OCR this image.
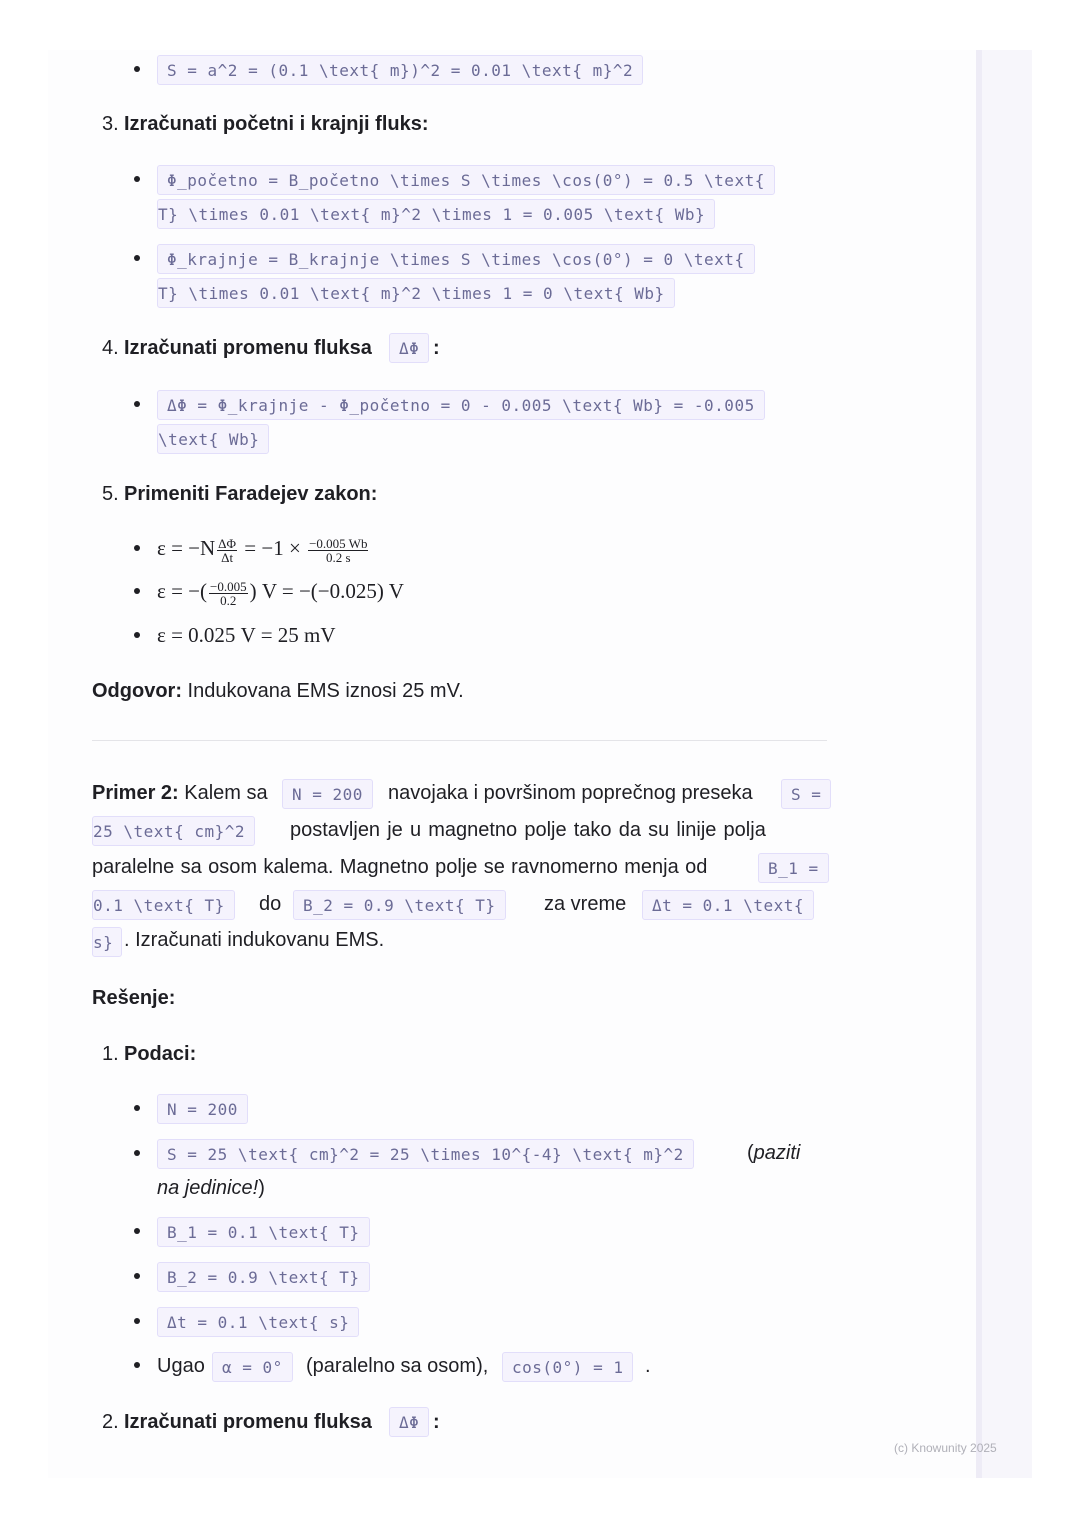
S = a^2 = (0.1 \text{ m})^2 = 0.01 \text{ m}^2
3. Izračunati početni i krajnji fluks:
Φ_početno = B_početno \times S \times \cos(0°) = 0.5 \text{
T} \times 0.01 \text{ m}^2 \times 1 = 0.005 \text{ Wb}
Φ_krajnje = B_krajnje \times S \times \cos(0°) = 0 \text{
T} \times 0.01 \text{ m}^2 \times 1 = 0 \text{ Wb}
4. Izračunati promenu fluksa	ΔΦ :
ΔΦ = Φ_krajnje - Φ_početno = 0 - 0.005 \text{ Wb} = -0.005
\text{ Wb}
5. Primeniti Faradejev zakon:
$\varepsilon = -N \frac{\Delta\Phi}{\Delta t} = -1 \times \frac{-0.005 Wb}{0.2 s}$
ε = −( $\frac{-0.005}{0.2}$ ) V = −(−0.025) V
ε = 0.025 V = 25 mV
Odgovor: Indukovana EMS iznosi 25 mV.
Primer 2: Kalem sa	N = 200	navojaka i površinom poprečnog preseka	S =
25 \text{ cm}^2	postavljen je u magnetno polje tako da su linije polja
paralelne sa osom kalema. Magnetno polje se ravnomerno menja od	B_1 =
0.1 \text{ T}	do	B_2 = 0.9 \text{ T}	za vreme	Δt = 0.1 \text{
s} . Izračunati indukovanu EMS.
Rešenje:
1. Podaci:
N = 200
S = 25 \text{ cm}^2 = 25 \times 10^{-4} \text{ m}^2	(paziti
na jedinice!)
B_1 = 0.1 \text{ T}
B_2 = 0.9 \text{ T}
Δt = 0.1 \text{ s}
Ugao	α = 0°	(paralelno sa osom),	cos(0°) = 1	.
2. Izračunati promenu fluksa	ΔΦ :
(c) Knowunity 2025
